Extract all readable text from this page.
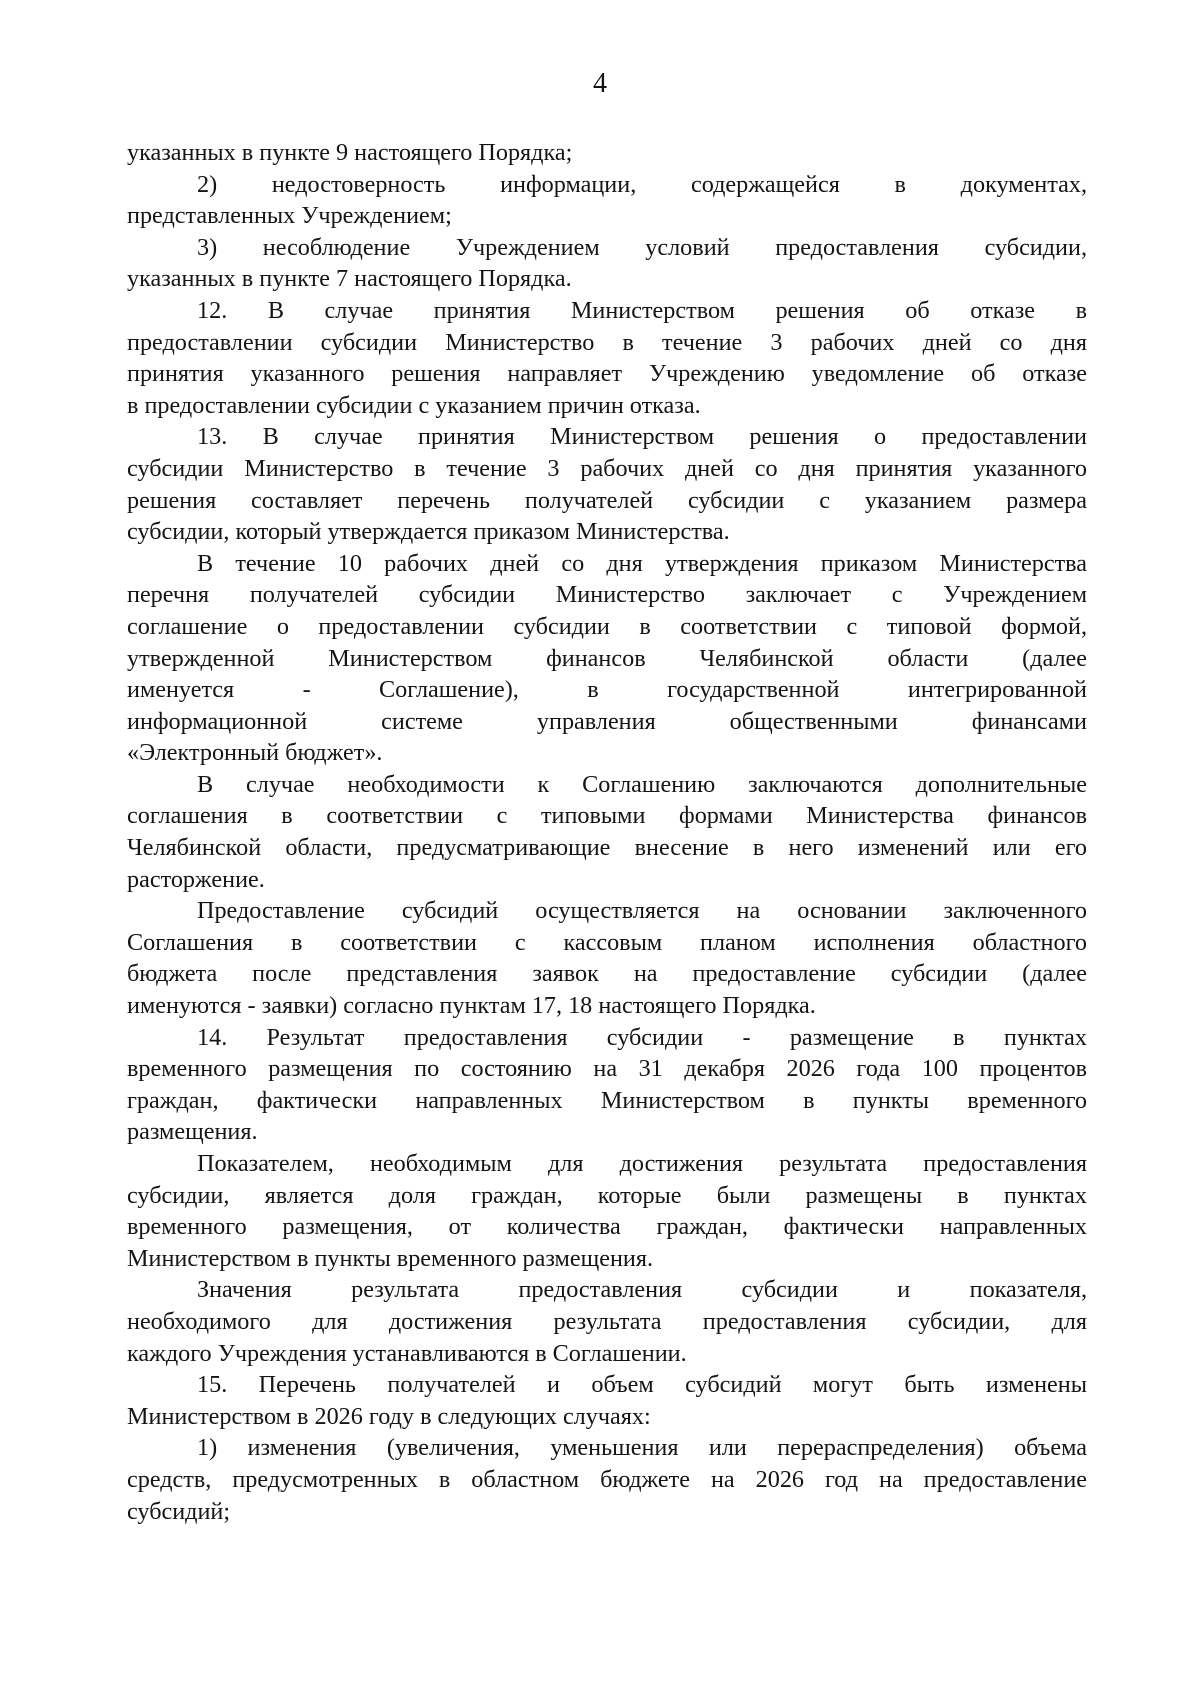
4
указанных в пункте 9 настоящего Порядка;
2) недостоверность информации, содержащейся в документах,
представленных Учреждением;
3) несоблюдение Учреждением условий предоставления субсидии,
указанных в пункте 7 настоящего Порядка.
12. В случае принятия Министерством решения об отказе в
предоставлении субсидии Министерство в течение 3 рабочих дней со дня
принятия указанного решения направляет Учреждению уведомление об отказе
в предоставлении субсидии с указанием причин отказа.
13. В случае принятия Министерством решения о предоставлении
субсидии Министерство в течение 3 рабочих дней со дня принятия указанного
решения составляет перечень получателей субсидии с указанием размера
субсидии, который утверждается приказом Министерства.
В течение 10 рабочих дней со дня утверждения приказом Министерства
перечня получателей субсидии Министерство заключает с Учреждением
соглашение о предоставлении субсидии в соответствии с типовой формой,
утвержденной Министерством финансов Челябинской области (далее
именуется - Соглашение), в государственной интегрированной
информационной системе управления общественными финансами
«Электронный бюджет».
В случае необходимости к Соглашению заключаются дополнительные
соглашения в соответствии с типовыми формами Министерства финансов
Челябинской области, предусматривающие внесение в него изменений или его
расторжение.
Предоставление субсидий осуществляется на основании заключенного
Соглашения в соответствии с кассовым планом исполнения областного
бюджета после представления заявок на предоставление субсидии (далее
именуются - заявки) согласно пунктам 17, 18 настоящего Порядка.
14. Результат предоставления субсидии - размещение в пунктах
временного размещения по состоянию на 31 декабря 2026 года 100 процентов
граждан, фактически направленных Министерством в пункты временного
размещения.
Показателем, необходимым для достижения результата предоставления
субсидии, является доля граждан, которые были размещены в пунктах
временного размещения, от количества граждан, фактически направленных
Министерством в пункты временного размещения.
Значения результата предоставления субсидии и показателя,
необходимого для достижения результата предоставления субсидии, для
каждого Учреждения устанавливаются в Соглашении.
15. Перечень получателей и объем субсидий могут быть изменены
Министерством в 2026 году в следующих случаях:
1) изменения (увеличения, уменьшения или перераспределения) объема
средств, предусмотренных в областном бюджете на 2026 год на предоставление
субсидий;
